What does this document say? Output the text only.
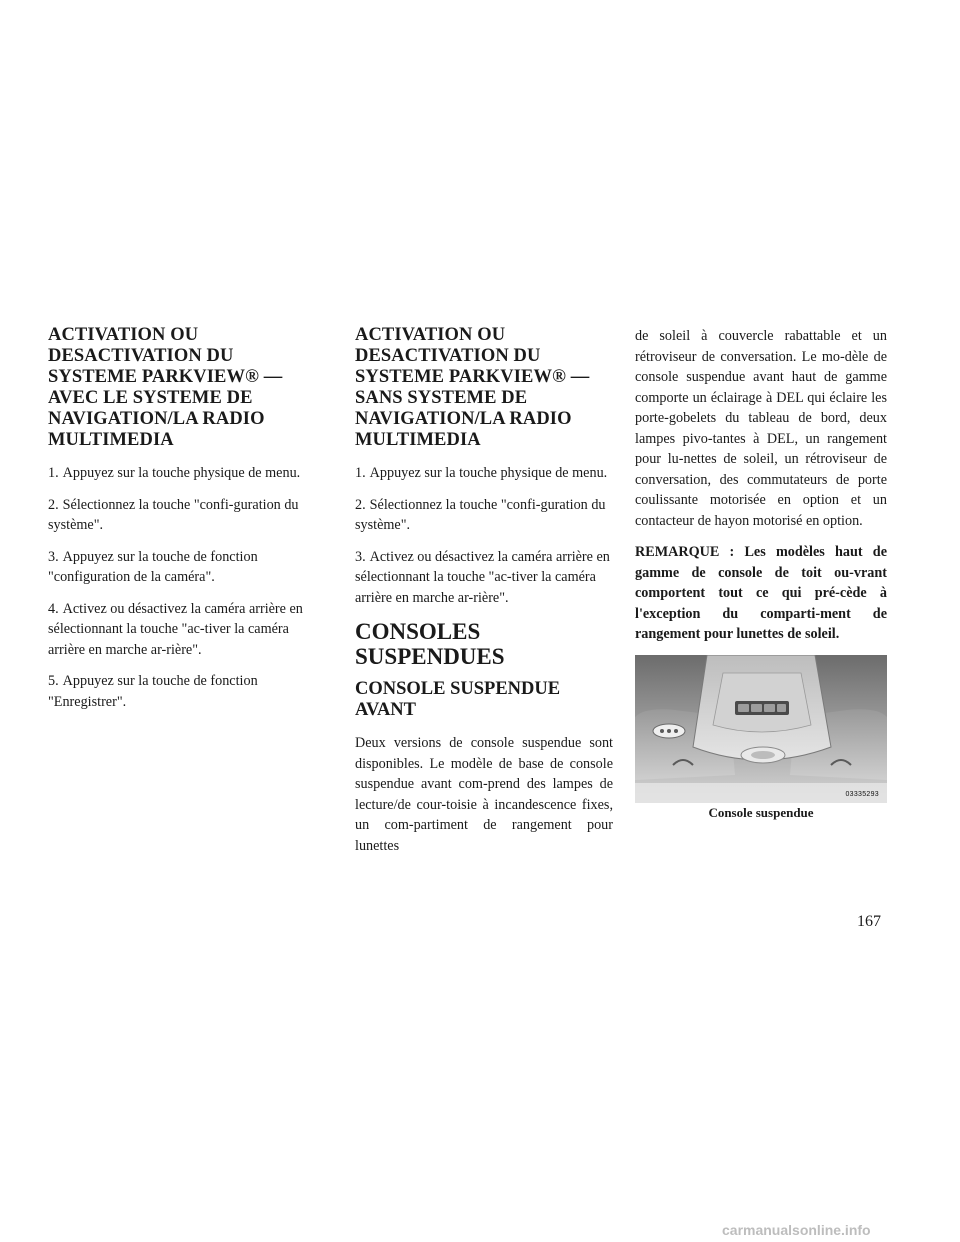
ACTIVATION OU DESACTIVATION DU SYSTEME PARKVIEW® — AVEC LE SYSTEME DE NAVIGATION/LA RADIO MULTIMEDIA

1. Appuyez sur la touche physique de menu.

2. Sélectionnez la touche "confi-guration du système".

3. Appuyez sur la touche de fonction "configuration de la caméra".

4. Activez ou désactivez la caméra arrière en sélectionnant la touche "ac-tiver la caméra arrière en marche ar-rière".

5. Appuyez sur la touche de fonction "Enregistrer".

ACTIVATION OU DESACTIVATION DU SYSTEME PARKVIEW® — SANS SYSTEME DE NAVIGATION/LA RADIO MULTIMEDIA

1. Appuyez sur la touche physique de menu.

2. Sélectionnez la touche "confi-guration du système".

3. Activez ou désactivez la caméra arrière en sélectionnant la touche "ac-tiver la caméra arrière en marche ar-rière".

CONSOLES SUSPENDUES
CONSOLE SUSPENDUE AVANT

Deux versions de console suspendue sont disponibles. Le modèle de base de console suspendue avant com-prend des lampes de lecture/de cour-toisie à incandescence fixes, un com-partiment de rangement pour lunettes

de soleil à couvercle rabattable et un rétroviseur de conversation. Le mo-dèle de console suspendue avant haut de gamme comporte un éclairage à DEL qui éclaire les porte-gobelets du tableau de bord, deux lampes pivo-tantes à DEL, un rangement pour lu-nettes de soleil, un rétroviseur de conversation, des commutateurs de porte coulissante motorisée en option et un contacteur de hayon motorisé en option.

REMARQUE : Les modèles haut de gamme de console de toit ou-vrant comportent tout ce qui pré-cède à l'exception du comparti-ment de rangement pour lunettes de soleil.

03335293
Console suspendue
167
carmanualsonline.info
